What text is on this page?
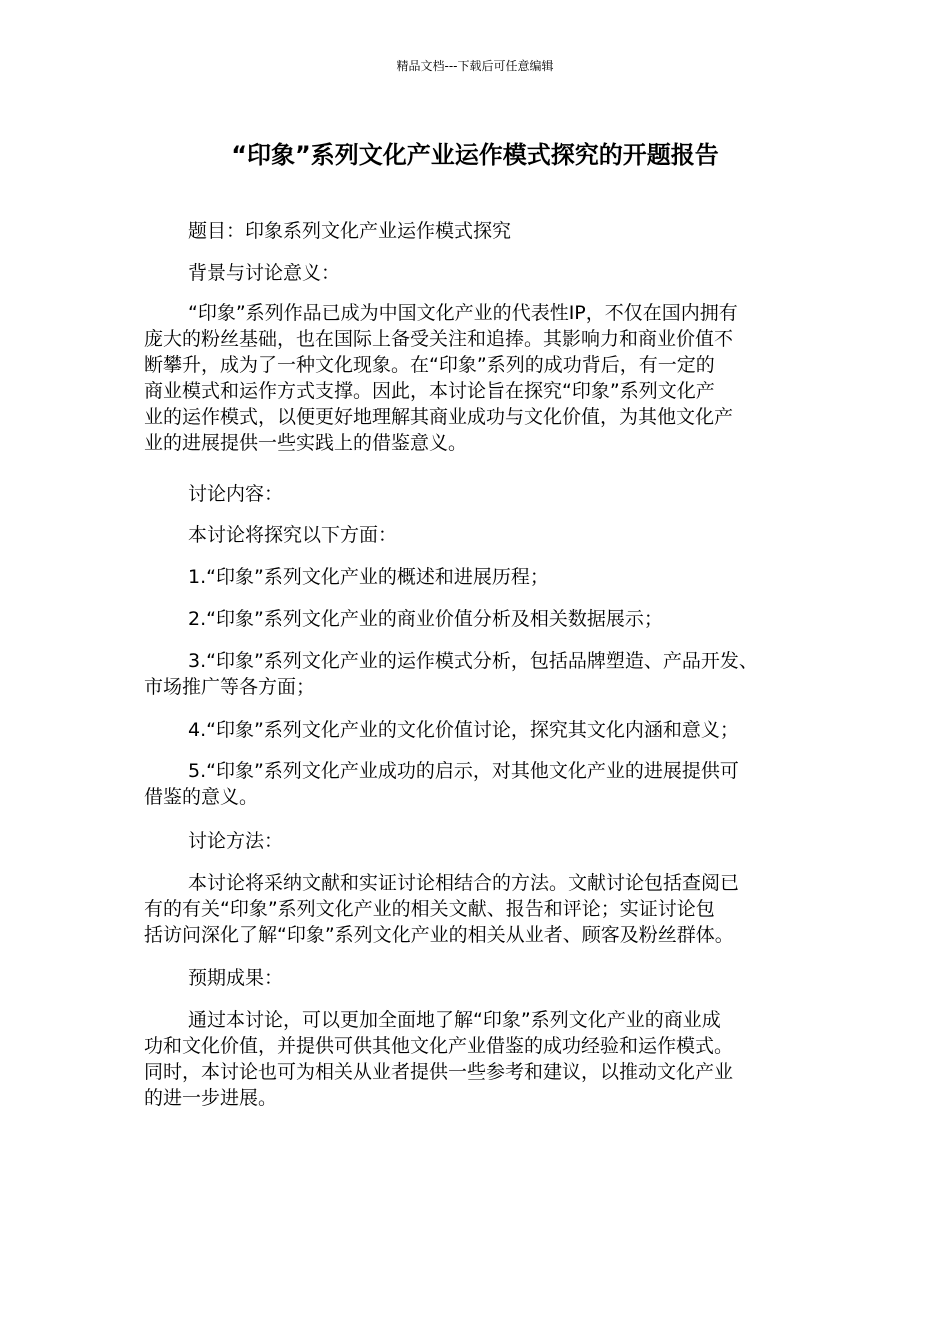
精品文档---下载后可任意编辑
“印象”系列文化产业运作模式探究的开题报告

题目：印象系列文化产业运作模式探究

背景与讨论意义：

“印象”系列作品已成为中国文化产业的代表性IP，不仅在国内拥有
庞大的粉丝基础，也在国际上备受关注和追捧。其影响力和商业价值不
断攀升，成为了一种文化现象。在“印象”系列的成功背后，有一定的
商业模式和运作方式支撑。因此，本讨论旨在探究“印象”系列文化产
业的运作模式，以便更好地理解其商业成功与文化价值，为其他文化产
业的进展提供一些实践上的借鉴意义。

讨论内容：

本讨论将探究以下方面：

1.“印象”系列文化产业的概述和进展历程；

2.“印象”系列文化产业的商业价值分析及相关数据展示；

3.“印象”系列文化产业的运作模式分析，包括品牌塑造、产品开发、
市场推广等各方面；

4.“印象”系列文化产业的文化价值讨论，探究其文化内涵和意义；

5.“印象”系列文化产业成功的启示，对其他文化产业的进展提供可
借鉴的意义。

讨论方法：

本讨论将采纳文献和实证讨论相结合的方法。文献讨论包括查阅已
有的有关“印象”系列文化产业的相关文献、报告和评论；实证讨论包
括访问深化了解“印象”系列文化产业的相关从业者、顾客及粉丝群体。

预期成果：

通过本讨论，可以更加全面地了解“印象”系列文化产业的商业成
功和文化价值，并提供可供其他文化产业借鉴的成功经验和运作模式。
同时，本讨论也可为相关从业者提供一些参考和建议，以推动文化产业
的进一步进展。
